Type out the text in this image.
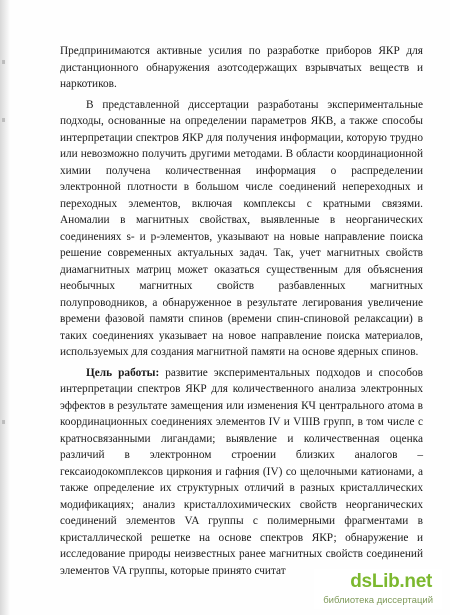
Предпринимаются активные усилия по разработке приборов ЯКР для дистанционного обнаружения азотсодержащих взрывчатых веществ и наркотиков.

В представленной диссертации разработаны экспериментальные подходы, основанные на определении параметров ЯКВ, а также способы интерпретации спектров ЯКР для получения информации, которую трудно или невозможно получить другими методами. В области координационной химии получена количественная информация о распределении электронной плотности в большом числе соединений непереходных и переходных элементов, включая комплексы с кратными связями. Аномалии в магнитных свойствах, выявленные в неорганических соединениях s- и p-элементов, указывают на новые направление поиска решение современных актуальных задач. Так, учет магнитных свойств диамагнитных матриц может оказаться существенным для объяснения необычных магнитных свойств разбавленных магнитных полупроводников, а обнаруженное в результате легирования увеличение времени фазовой памяти спинов (времени спин-спиновой релаксации) в таких соединениях указывает на новое направление поиска материалов, используемых для создания магнитной памяти на основе ядерных спинов.

Цель работы: развитие экспериментальных подходов и способов интерпретации спектров ЯКР для количественного анализа электронных эффектов в результате замещения или изменения КЧ центрального атома в координационных соединениях элементов IV и VIIIB групп, в том числе с кратносвязанными лигандами; выявление и количественная оценка различий в электронном строении близких аналогов – гексаиодокомплексов циркония и гафния (IV) со щелочными катионами, а также определение их структурных отличий в разных кристаллических модификациях; анализ кристаллохимических свойств неорганических соединений элементов VA группы с полимерными фрагментами в кристаллической решетке на основе спектров ЯКР; обнаружение и исследование природы неизвестных ранее магнитных свойств соединений элементов VA группы, которые принято считат

dsLib.net
библиотека диссертаций
